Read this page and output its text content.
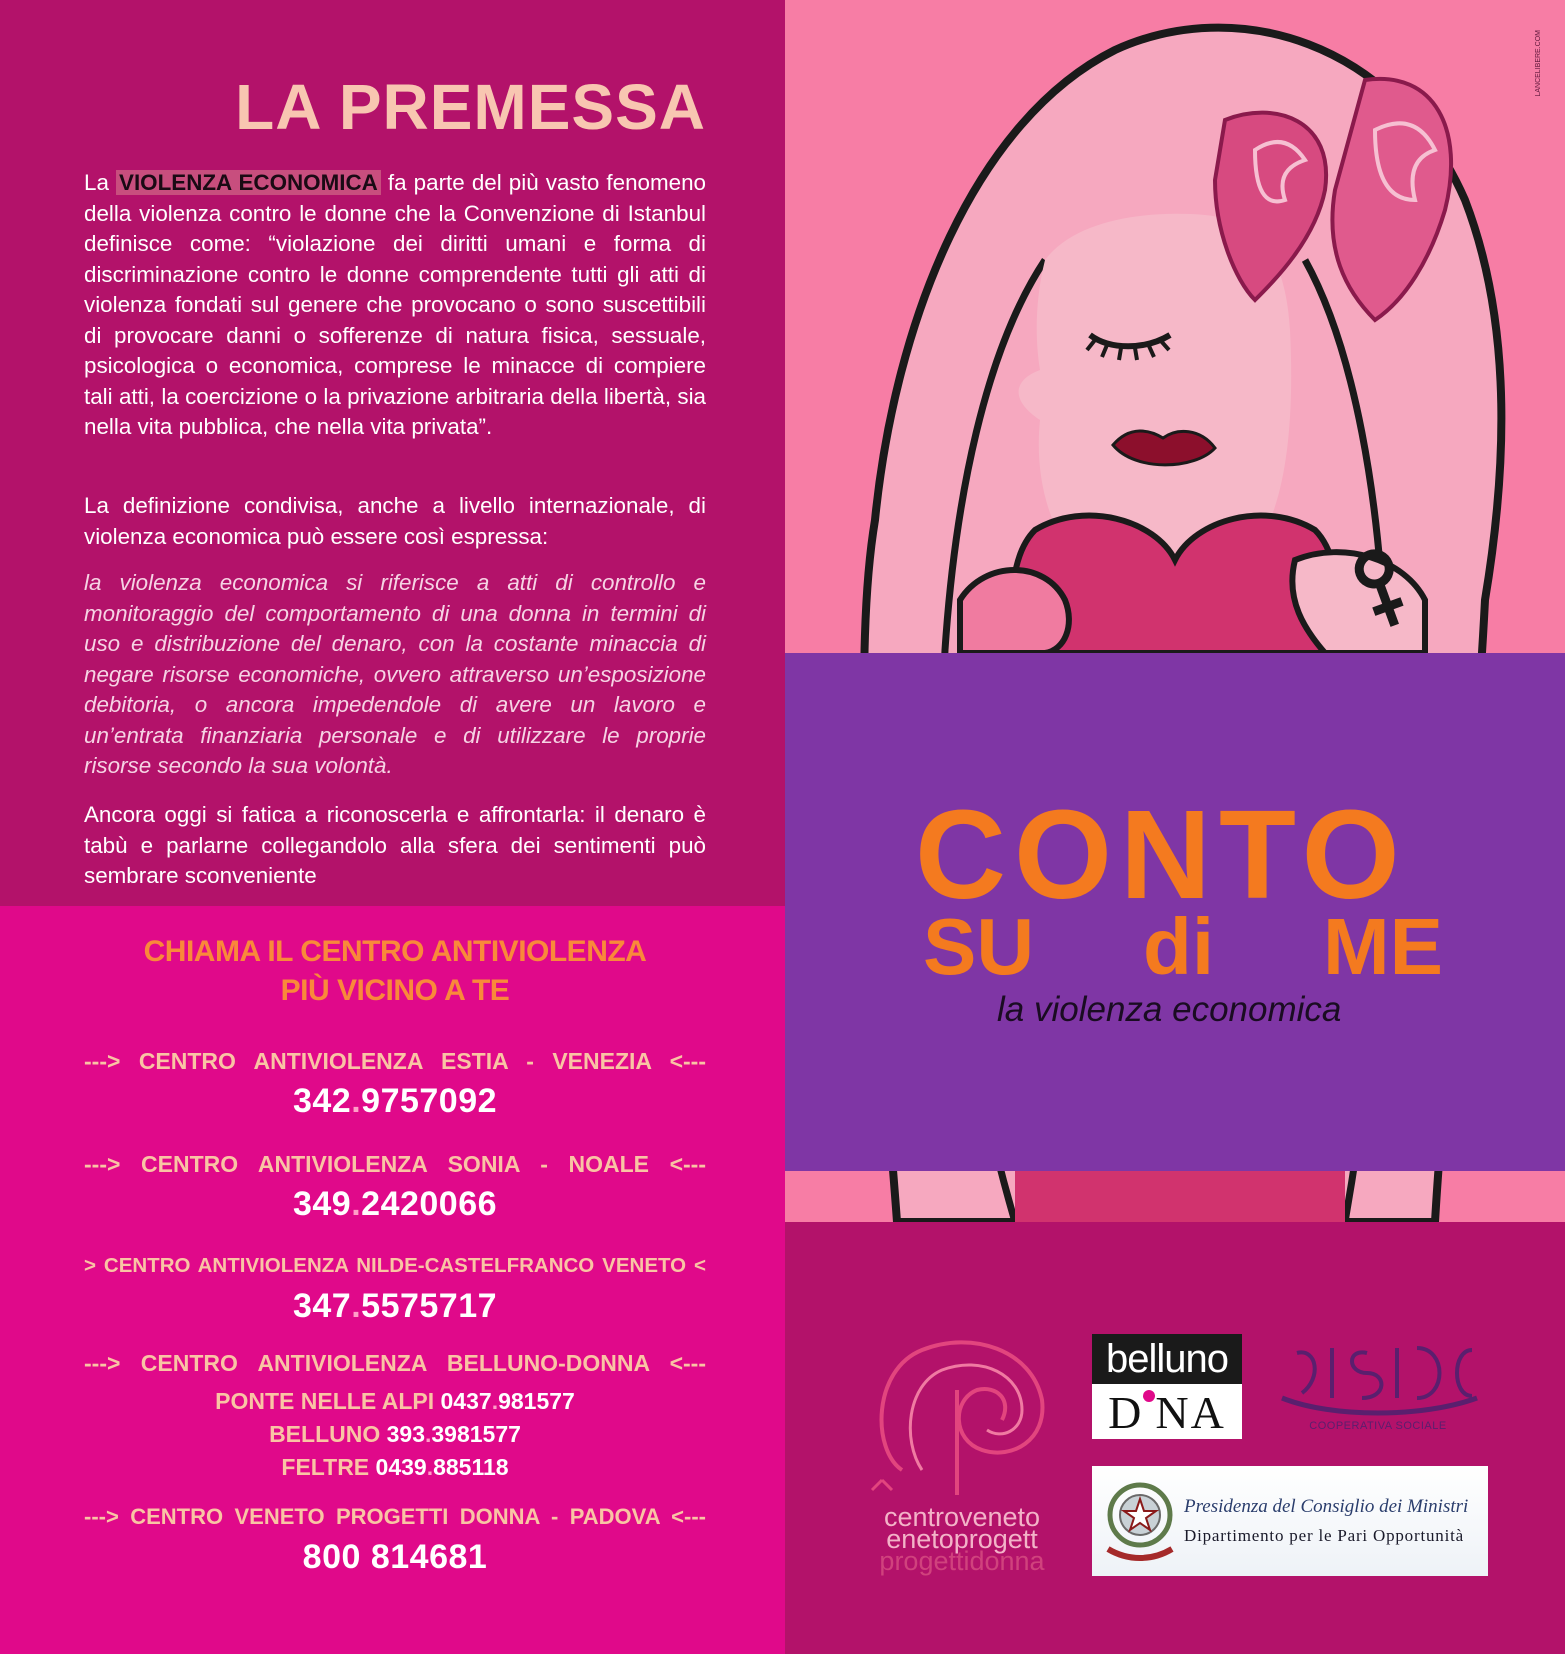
LA PREMESSA

La VIOLENZA ECONOMICA fa parte del più vasto fenomeno della violenza contro le donne che la Convenzione di Istanbul definisce come: “violazione dei diritti umani e forma di discriminazione contro le donne comprendente tutti gli atti di violenza fondati sul genere che provocano o sono suscettibili di provocare danni o sofferenze di natura fisica, sessuale, psicologica o economica, comprese le minacce di compiere tali atti, la coercizione o la privazione arbitraria della libertà, sia nella vita pubblica, che nella vita privata”.

La definizione condivisa, anche a livello internazionale, di violenza economica può essere così espressa:

la violenza economica si riferisce a atti di controllo e monitoraggio del comportamento di una donna in termini di uso e distribuzione del denaro, con la costante minaccia di negare risorse economiche, ovvero attraverso un’esposizione debitoria, o ancora impedendole di avere un lavoro e un’entrata finanziaria personale e di utilizzare le proprie risorse secondo la sua volontà.

Ancora oggi si fatica a riconoscerla e affrontarla: il denaro è tabù e parlarne collegandolo alla sfera dei sentimenti può sembrare sconveniente

CHIAMA IL CENTRO ANTIVIOLENZA
PIÙ VICINO A TE
---> CENTRO ANTIVIOLENZA ESTIA - VENEZIA <---
342.9757092
---> CENTRO ANTIVIOLENZA SONIA - NOALE <---
349.2420066
> CENTRO ANTIVIOLENZA NILDE-CASTELFRANCO VENETO <
347.5575717
---> CENTRO ANTIVIOLENZA BELLUNO-DONNA <---
PONTE NELLE ALPI 0437.981577
BELLUNO 393.3981577
FELTRE 0439.885118
---> CENTRO VENETO PROGETTI DONNA - PADOVA <---
800 814681
CONTO
SU di ME
la violenza economica
centroveneto
enetoprogett
progettidonna
belluno
D NA	COOPERATIVA SOCIALE
Presidenza del Consiglio dei Ministri
Dipartimento per le Pari Opportunità
LANCELIBERE.COM
